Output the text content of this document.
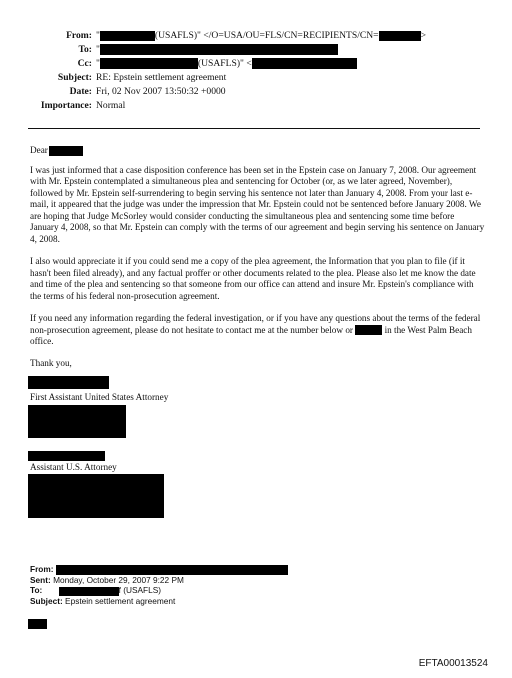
From: "	(USAFLS)" </O=USA/OU=FLS/CN=RECIPIENTS/CN=	>
To: "
Cc: "	(USAFLS)" <
Subject: RE: Epstein settlement agreement
Date: Fri, 02 Nov 2007 13:50:32 +0000
Importance: Normal

Dear

I was just informed that a case disposition conference has been set in the Epstein case on January 7, 2008. Our agreement with Mr. Epstein contemplated a simultaneous plea and sentencing for October (or, as we later agreed, November), followed by Mr. Epstein self-surrendering to begin serving his sentence not later than January 4, 2008. From your last e-mail, it appeared that the judge was under the impression that Mr. Epstein could not be sentenced before January 2008. We are hoping that Judge McSorley would consider conducting the simultaneous plea and sentencing some time before January 4, 2008, so that Mr. Epstein can comply with the terms of our agreement and begin serving his sentence on January 4, 2008.

I also would appreciate it if you could send me a copy of the plea agreement, the Information that you plan to file (if it hasn't been filed already), and any factual proffer or other documents related to the plea. Please also let me know the date and time of the plea and sentencing so that someone from our office can attend and insure Mr. Epstein's compliance with the terms of his federal non-prosecution agreement.

If you need any information regarding the federal investigation, or if you have any questions about the terms of the federal non-prosecution agreement, please do not hesitate to contact me at the number below or	in the West Palm Beach office.

Thank you,

First Assistant United States Attorney
Assistant U.S. Attorney
From:
Sent: Monday, October 29, 2007 9:22 PM
To:	f (USAFLS)
Subject: Epstein settlement agreement
EFTA00013524
